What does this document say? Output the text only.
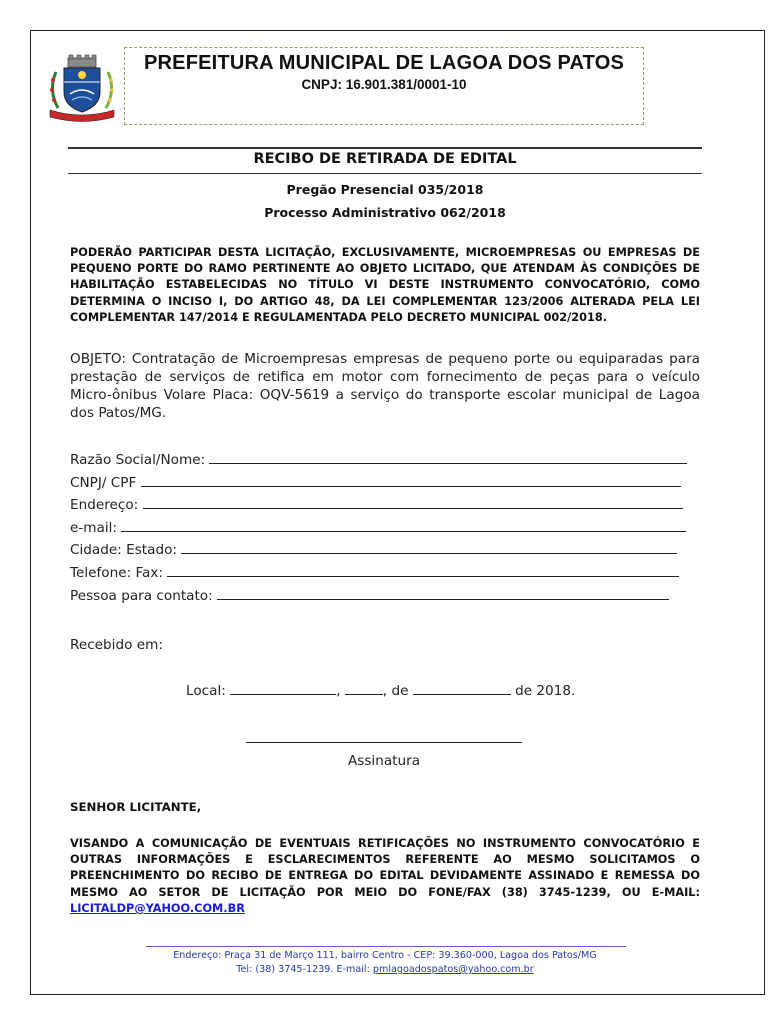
PREFEITURA MUNICIPAL DE LAGOA DOS PATOS
CNPJ: 16.901.381/0001-10
RECIBO DE RETIRADA DE EDITAL
Pregão Presencial 035/2018
Processo Administrativo 062/2018
PODERÃO PARTICIPAR DESTA LICITAÇÃO, EXCLUSIVAMENTE, MICROEMPRESAS OU EMPRESAS DE PEQUENO PORTE DO RAMO PERTINENTE AO OBJETO LICITADO, QUE ATENDAM ÀS CONDIÇÕES DE HABILITAÇÃO ESTABELECIDAS NO TÍTULO VI DESTE INSTRUMENTO CONVOCATÓRIO, COMO DETERMINA O INCISO I, DO ARTIGO 48, DA LEI COMPLEMENTAR 123/2006 ALTERADA PELA LEI COMPLEMENTAR 147/2014 E REGULAMENTADA PELO DECRETO MUNICIPAL 002/2018.
OBJETO: Contratação de Microempresas empresas de pequeno porte ou equiparadas para prestação de serviços de retifica em motor com fornecimento de peças para o veículo Micro-ônibus Volare Placa: OQV-5619 a serviço do transporte escolar municipal de Lagoa dos Patos/MG.
Razão Social/Nome:
CNPJ/ CPF
Endereço:
e-mail:
Cidade: Estado:
Telefone: Fax:
Pessoa para contato:
Recebido em:
Local:	,	, de	de 2018.
Assinatura
SENHOR LICITANTE,
VISANDO A COMUNICAÇÃO DE EVENTUAIS RETIFICAÇÕES NO INSTRUMENTO CONVOCATÓRIO E OUTRAS INFORMAÇÕES E ESCLARECIMENTOS REFERENTE AO MESMO SOLICITAMOS O PREENCHIMENTO DO RECIBO DE ENTREGA DO EDITAL DEVIDAMENTE ASSINADO E REMESSA DO MESMO AO SETOR DE LICITAÇÃO POR MEIO DO FONE/FAX (38) 3745-1239, OU E-MAIL: LICITALDP@YAHOO.COM.BR
Endereço: Praça 31 de Março 111, bairro Centro - CEP: 39.360-000, Lagoa dos Patos/MG
Tel: (38) 3745-1239. E-mail: pmlagoadospatos@yahoo.com.br
